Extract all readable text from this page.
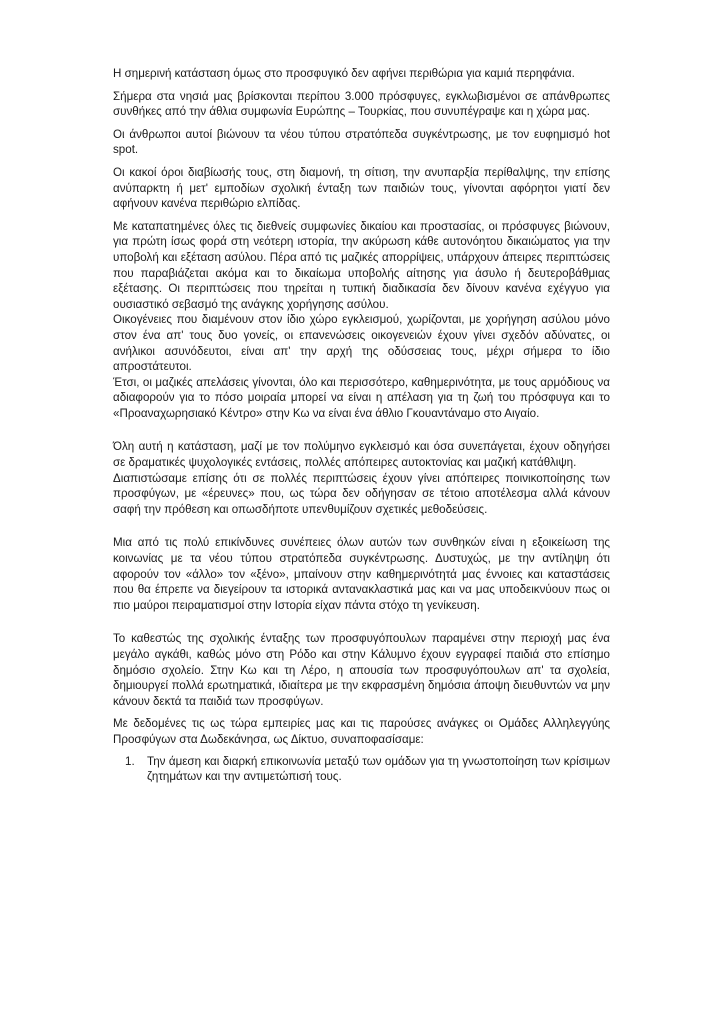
Η σημερινή κατάσταση όμως στο προσφυγικό δεν αφήνει περιθώρια για καμιά περηφάνια.

Σήμερα στα νησιά μας βρίσκονται περίπου 3.000 πρόσφυγες, εγκλωβισμένοι σε απάνθρωπες συνθήκες από την άθλια συμφωνία Ευρώπης – Τουρκίας, που συνυπέγραψε και η χώρα μας.

Οι άνθρωποι αυτοί βιώνουν τα νέου τύπου στρατόπεδα συγκέντρωσης, με τον ευφημισμό hot spot.

Οι κακοί όροι διαβίωσής τους, στη διαμονή, τη σίτιση, την ανυπαρξία περίθαλψης, την επίσης ανύπαρκτη ή μετ' εμποδίων σχολική ένταξη των παιδιών τους, γίνονται αφόρητοι γιατί δεν αφήνουν κανένα περιθώριο ελπίδας.

Με καταπατημένες όλες τις διεθνείς συμφωνίες δικαίου και προστασίας, οι πρόσφυγες βιώνουν, για πρώτη ίσως φορά στη νεότερη ιστορία, την ακύρωση κάθε αυτονόητου δικαιώματος για την υποβολή και εξέταση ασύλου. Πέρα από τις μαζικές απορρίψεις, υπάρχουν άπειρες περιπτώσεις που παραβιάζεται ακόμα και το δικαίωμα υποβολής αίτησης για άσυλο ή δευτεροβάθμιας εξέτασης. Οι περιπτώσεις που τηρείται η τυπική διαδικασία δεν δίνουν κανένα εχέγγυο για ουσιαστικό σεβασμό της ανάγκης χορήγησης ασύλου.

Οικογένειες που διαμένουν στον ίδιο χώρο εγκλεισμού, χωρίζονται, με χορήγηση ασύλου μόνο στον ένα απ' τους δυο γονείς, οι επανενώσεις οικογενειών έχουν γίνει σχεδόν αδύνατες, οι ανήλικοι ασυνόδευτοι, είναι απ' την αρχή της οδύσσειας τους, μέχρι σήμερα το ίδιο απροστάτευτοι.

Έτσι, οι μαζικές απελάσεις γίνονται, όλο και περισσότερο, καθημερινότητα, με τους αρμόδιους να αδιαφορούν για το πόσο μοιραία μπορεί να είναι η απέλαση για τη ζωή του πρόσφυγα και το «Προαναχωρησιακό Κέντρο» στην Κω να είναι ένα άθλιο Γκουαντάναμο στο Αιγαίο.

Όλη αυτή η κατάσταση, μαζί με τον πολύμηνο εγκλεισμό και όσα συνεπάγεται, έχουν οδηγήσει σε δραματικές ψυχολογικές εντάσεις, πολλές απόπειρες αυτοκτονίας και μαζική κατάθλιψη.

Διαπιστώσαμε επίσης ότι σε πολλές περιπτώσεις έχουν γίνει απόπειρες ποινικοποίησης των προσφύγων, με «έρευνες» που, ως τώρα δεν οδήγησαν σε τέτοιο αποτέλεσμα αλλά κάνουν σαφή την πρόθεση και οπωσδήποτε υπενθυμίζουν σχετικές μεθοδεύσεις.

Μια από τις πολύ επικίνδυνες συνέπειες όλων αυτών των συνθηκών είναι η εξοικείωση της κοινωνίας με τα νέου τύπου στρατόπεδα συγκέντρωσης. Δυστυχώς, με την αντίληψη ότι αφορούν τον «άλλο» τον «ξένο», μπαίνουν στην καθημερινότητά μας έννοιες και καταστάσεις που θα έπρεπε να διεγείρουν τα ιστορικά αντανακλαστικά μας και να μας υποδεικνύουν πως οι πιο μαύροι πειραματισμοί στην Ιστορία είχαν πάντα στόχο τη γενίκευση.

Το καθεστώς της σχολικής ένταξης των προσφυγόπουλων παραμένει στην περιοχή μας ένα μεγάλο αγκάθι, καθώς μόνο στη Ρόδο και στην Κάλυμνο έχουν εγγραφεί παιδιά στο επίσημο δημόσιο σχολείο. Στην Κω και τη Λέρο, η απουσία των προσφυγόπουλων απ' τα σχολεία, δημιουργεί πολλά ερωτηματικά, ιδιαίτερα με την εκφρασμένη δημόσια άποψη διευθυντών να μην κάνουν δεκτά τα παιδιά των προσφύγων.

Με δεδομένες τις ως τώρα εμπειρίες μας και τις παρούσες ανάγκες οι Ομάδες Αλληλεγγύης Προσφύγων στα Δωδεκάνησα, ως Δίκτυο, συναποφασίσαμε:

1. Την άμεση και διαρκή επικοινωνία μεταξύ των ομάδων για τη γνωστοποίηση των κρίσιμων ζητημάτων και την αντιμετώπισή τους.
